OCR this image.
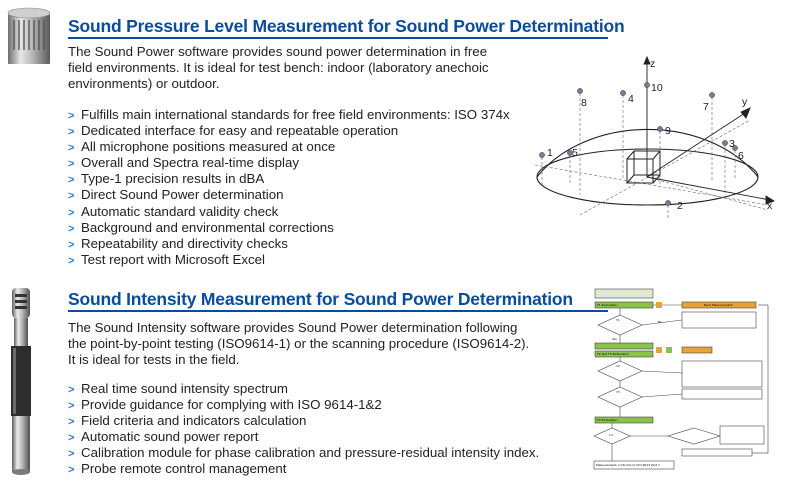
Sound Pressure Level Measurement for Sound Power Determination
The Sound Power software provides sound power determination in free
field environments. It is ideal for test bench: indoor (laboratory anechoic
environments) or outdoor.
> Fulfills main international standards for free field environments: ISO 374x
> Dedicated interface for easy and repeatable operation
> All microphone positions measured at once
> Overall and Spectra real-time display
> Type-1 precision results in dBA
> Direct Sound Power determination
> Automatic standard validity check
> Background and environmental corrections
> Repeatability and directivity checks
> Test report with Microsoft Excel
z
y
x
1
2
3
4
5	6
7
8
9
10
Sound Intensity Measurement for Sound Power Determination
The Sound Intensity software provides Sound Power determination following
the point-by-point testing (ISO9614-1) or the scanning procedure (ISO9614-2).
It is ideal for tests in the field.
> Real time sound intensity spectrum
> Provide guidance for complying with ISO 9614-1&2
> Field criteria and indicators calculation
> Automatic sound power report
> Calibration module for phase calibration and pressure-residual intensity index.
> Probe remote control management
Y1
Y2
Y3
Y4
Yes
No
Next Measurement
F1 Evaluation
F2 and F3 Evaluation
F4 Evaluation
Measurement conforms to ISO 9614 Part 1
